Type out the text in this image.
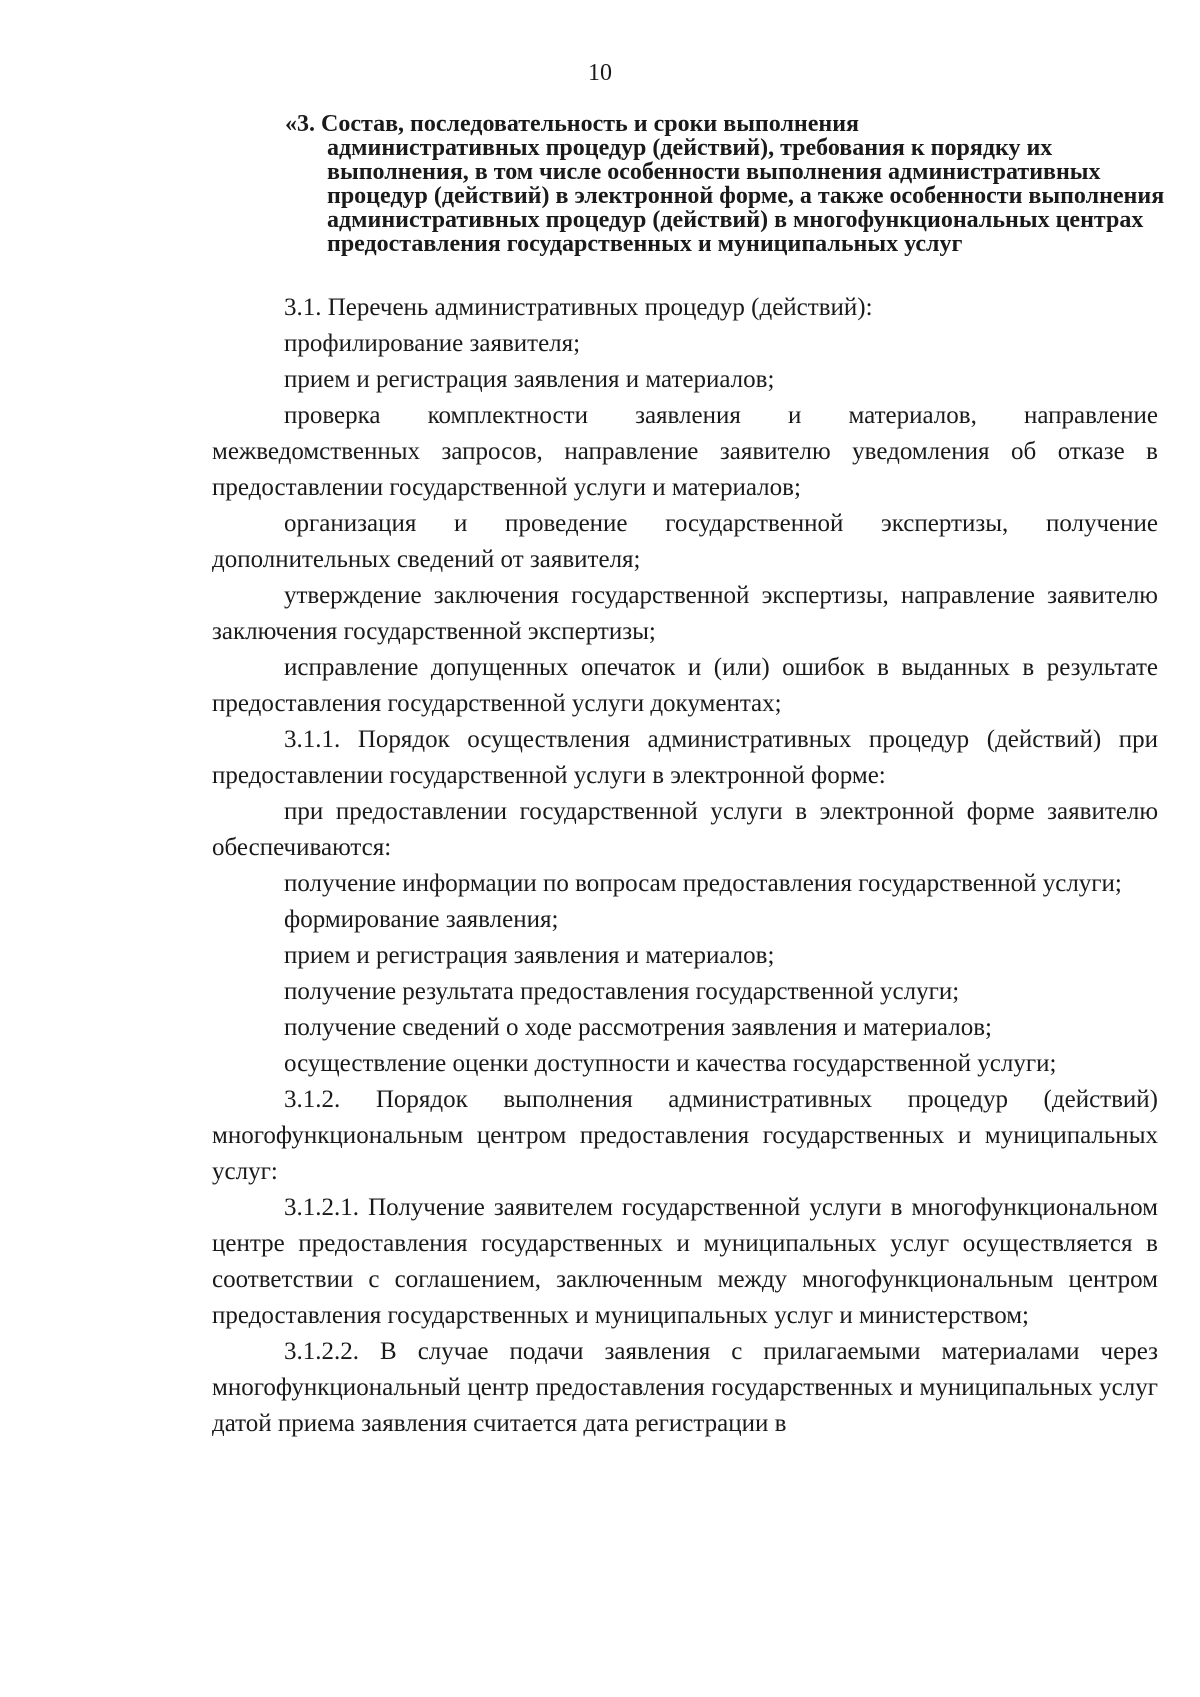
10
«3. Состав, последовательность и сроки выполнения
административных процедур (действий), требования к порядку их выполнения, в том числе особенности выполнения административных процедур (действий) в электронной форме, а также особенности выполнения административных процедур (действий) в многофункциональных центрах предоставления государственных и муниципальных услуг

3.1. Перечень административных процедур (действий):

профилирование заявителя;

прием и регистрация заявления и материалов;

проверка комплектности заявления и материалов, направление межведомственных запросов, направление заявителю уведомления об отказе в предоставлении государственной услуги и материалов;

организация и проведение государственной экспертизы, получение дополнительных сведений от заявителя;

утверждение заключения государственной экспертизы, направление заявителю заключения государственной экспертизы;

исправление допущенных опечаток и (или) ошибок в выданных в результате предоставления государственной услуги документах;

3.1.1. Порядок осуществления административных процедур (действий) при предоставлении государственной услуги в электронной форме:

при предоставлении государственной услуги в электронной форме заявителю обеспечиваются:

получение информации по вопросам предоставления государственной услуги;

формирование заявления;

прием и регистрация заявления и материалов;

получение результата предоставления государственной услуги;

получение сведений о ходе рассмотрения заявления и материалов;

осуществление оценки доступности и качества государственной услуги;

3.1.2. Порядок выполнения административных процедур (действий) многофункциональным центром предоставления государственных и муниципальных услуг:

3.1.2.1. Получение заявителем государственной услуги в многофункциональном центре предоставления государственных и муниципальных услуг осуществляется в соответствии с соглашением, заключенным между многофункциональным центром предоставления государственных и муниципальных услуг и министерством;

3.1.2.2. В случае подачи заявления с прилагаемыми материалами через многофункциональный центр предоставления государственных и муниципальных услуг датой приема заявления считается дата регистрации в
